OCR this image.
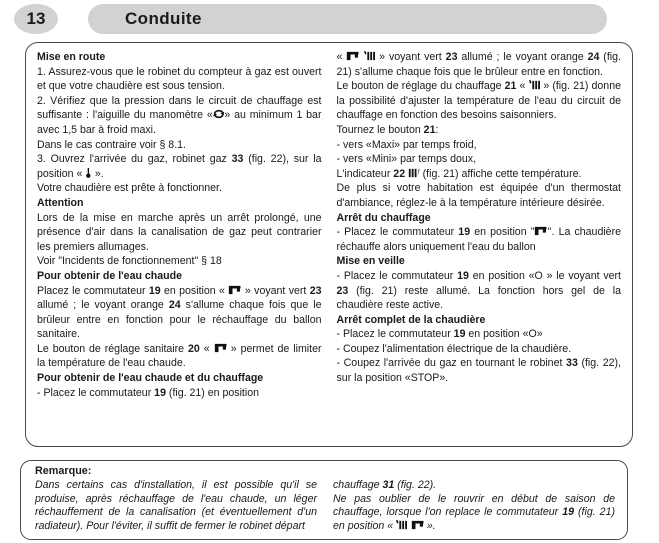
13	Conduite

Mise en route

1. Assurez-vous que le robinet du compteur à gaz est ouvert et que votre chaudière est sous tension.

2. Vérifiez que la pression dans le circuit de chauffage est suffisante : l'aiguille du manomètre « » au minimum 1 bar avec 1,5 bar à froid maxi.

Dans le cas contraire voir § 8.1.

3. Ouvrez l'arrivée du gaz, robinet gaz 33 (fig. 22), sur la position «  ».

Votre chaudière est prête à fonctionner.

Attention

Lors de la mise en marche après un arrêt prolongé, une présence d'air dans la canalisation de gaz peut contrarier les premiers allumages.

Voir "Incidents de fonctionnement" § 18

Pour obtenir de l'eau chaude

Placez le commutateur 19 en position «  » voyant vert 23 allumé ; le voyant orange 24 s'allume chaque fois que le brûleur entre en fonction pour le réchauffage du ballon sanitaire.

Le bouton de réglage sanitaire 20 «  » permet de limiter la température de l'eau chaude.

Pour obtenir de l'eau chaude et du chauffage

- Placez le commutateur 19 (fig. 21) en position

«	» voyant vert 23 allumé ; le voyant orange 24 (fig. 21) s'allume chaque fois que le brûleur entre en fonction.

Le bouton de réglage du chauffage 21 «  » (fig. 21) donne la possibilité d'ajuster la température de l'eau du circuit de chauffage en fonction des besoins saisonniers.

Tournez le bouton 21:

- vers «Maxi» par temps froid,

- vers «Mini» par temps doux,

L'indicateur 22  (fig. 21) affiche cette température.

De plus si votre habitation est équipée d'un thermostat d'ambiance, réglez-le à la température intérieure désirée.

Arrêt du chauffage

- Placez le commutateur 19 en position " ". La chaudière réchauffe alors uniquement l'eau du ballon

Mise en veille

- Placez le commutateur 19 en position «O » le voyant vert 23 (fig. 21) reste allumé. La fonction hors gel de la chaudière reste active.

Arrêt complet de la chaudière

- Placez le commutateur 19 en position «O»

- Coupez l'alimentation électrique de la chaudière.

- Coupez l'arrivée du gaz en tournant le robinet 33 (fig. 22), sur la position «STOP».

Remarque:

Dans certains cas d'installation, il est possible qu'il se produise, après réchauffage de l'eau chaude, un léger réchauffement de la canalisation (et éventuellement d'un radiateur). Pour l'éviter, il suffit de fermer le robinet départ

chauffage 31 (fig. 22).

Ne pas oublier de le rouvrir en début de saison de chauffage, lorsque l'on replace le commutateur 19 (fig. 21) en position «	».
